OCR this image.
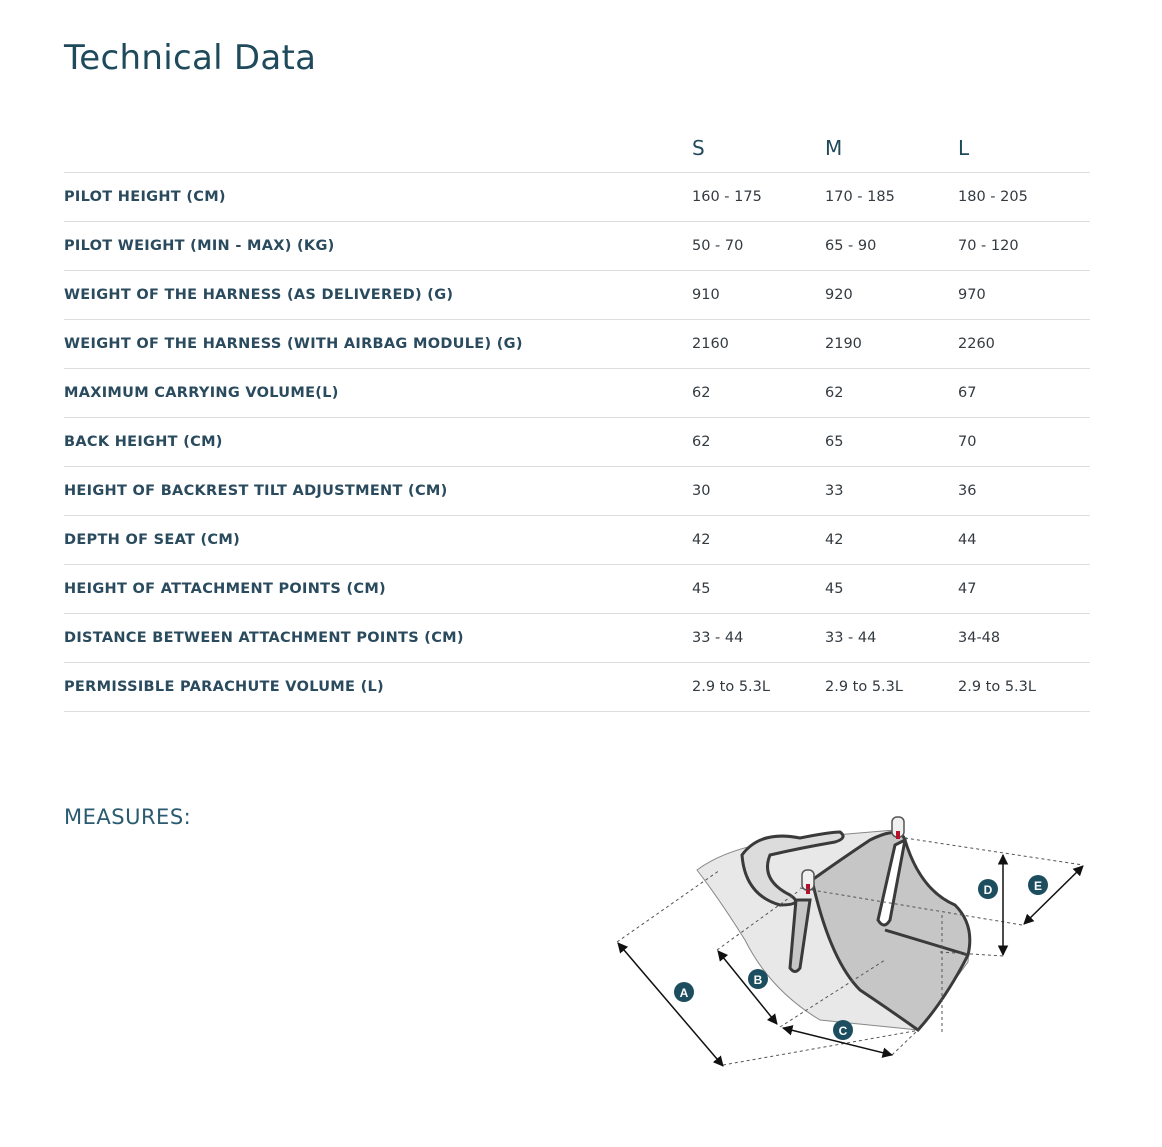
Technical Data
	S	M	L
PILOT HEIGHT (CM)	160 - 175	170 - 185	180 - 205
PILOT WEIGHT (MIN - MAX) (KG)	50 - 70	65 - 90	70 - 120
WEIGHT OF THE HARNESS (AS DELIVERED) (G)	910	920	970
WEIGHT OF THE HARNESS (WITH AIRBAG MODULE) (G)	2160	2190	2260
MAXIMUM CARRYING VOLUME(L)	62	62	67
BACK HEIGHT (CM)	62	65	70
HEIGHT OF BACKREST TILT ADJUSTMENT (CM)	30	33	36
DEPTH OF SEAT (CM)	42	42	44
HEIGHT OF ATTACHMENT POINTS (CM)	45	45	47
DISTANCE BETWEEN ATTACHMENT POINTS (CM)	33 - 44	33 - 44	34-48
PERMISSIBLE PARACHUTE VOLUME (L)	2.9 to 5.3L	2.9 to 5.3L	2.9 to 5.3L
MEASURES:
A
B
C
D	E
